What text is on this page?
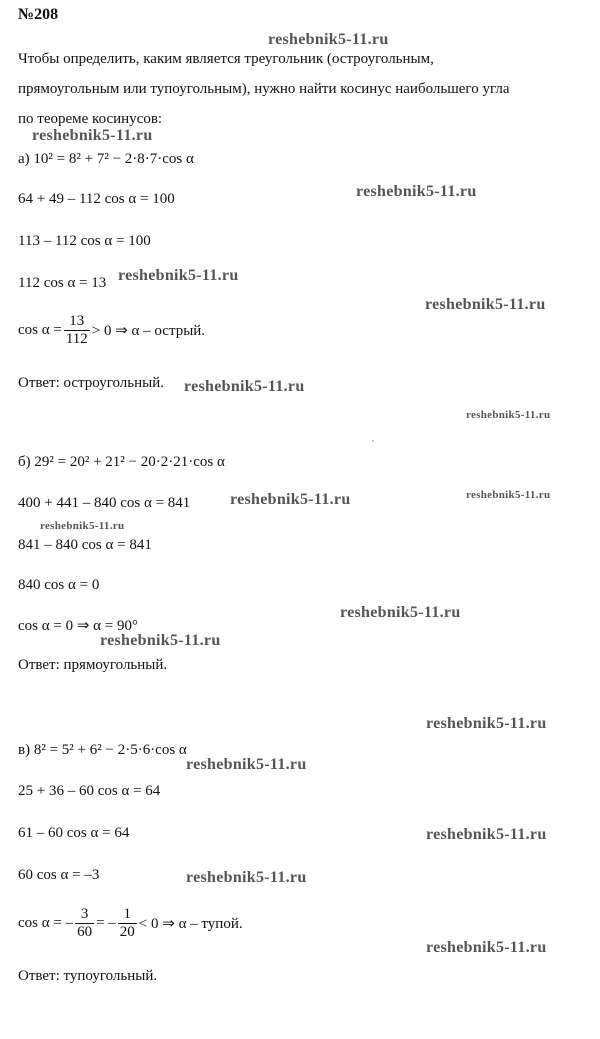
№208
Чтобы определить, каким является треугольник (остроугольным,
прямоугольным или тупоугольным), нужно найти косинус наибольшего угла
по теореме косинусов:
а) 10² = 8² + 7² − 2·8·7·cos α
64 + 49 – 112 cos α = 100
113 – 112 cos α = 100
112 cos α = 13
$\cos \alpha = \frac{13}{112} > 0$ ⇒ α – острый.
Ответ: остроугольный.
б) 29² = 20² + 21² − 20·2·21·cos α
400 + 441 – 840 cos α = 841
841 – 840 cos α = 841
840 cos α = 0
cos α = 0 ⇒ α = 90°
Ответ: прямоугольный.
в) 8² = 5² + 6² − 2·5·6·cos α
25 + 36 – 60 cos α = 64
61 – 60 cos α = 64
60 cos α = –3
cos α = – $\frac{3}{60}$ = – $\frac{1}{20} < 0$ ⇒ α – тупой.
Ответ: тупоугольный.
reshebnik5-11.ru
reshebnik5-11.ru
reshebnik5-11.ru
reshebnik5-11.ru
reshebnik5-11.ru
reshebnik5-11.ru
reshebnik5-11.ru
reshebnik5-11.ru
reshebnik5-11.ru
reshebnik5-11.ru
reshebnik5-11.ru
reshebnik5-11.ru
reshebnik5-11.ru
reshebnik5-11.ru
reshebnik5-11.ru
reshebnik5-11.ru
reshebnik5-11.ru
